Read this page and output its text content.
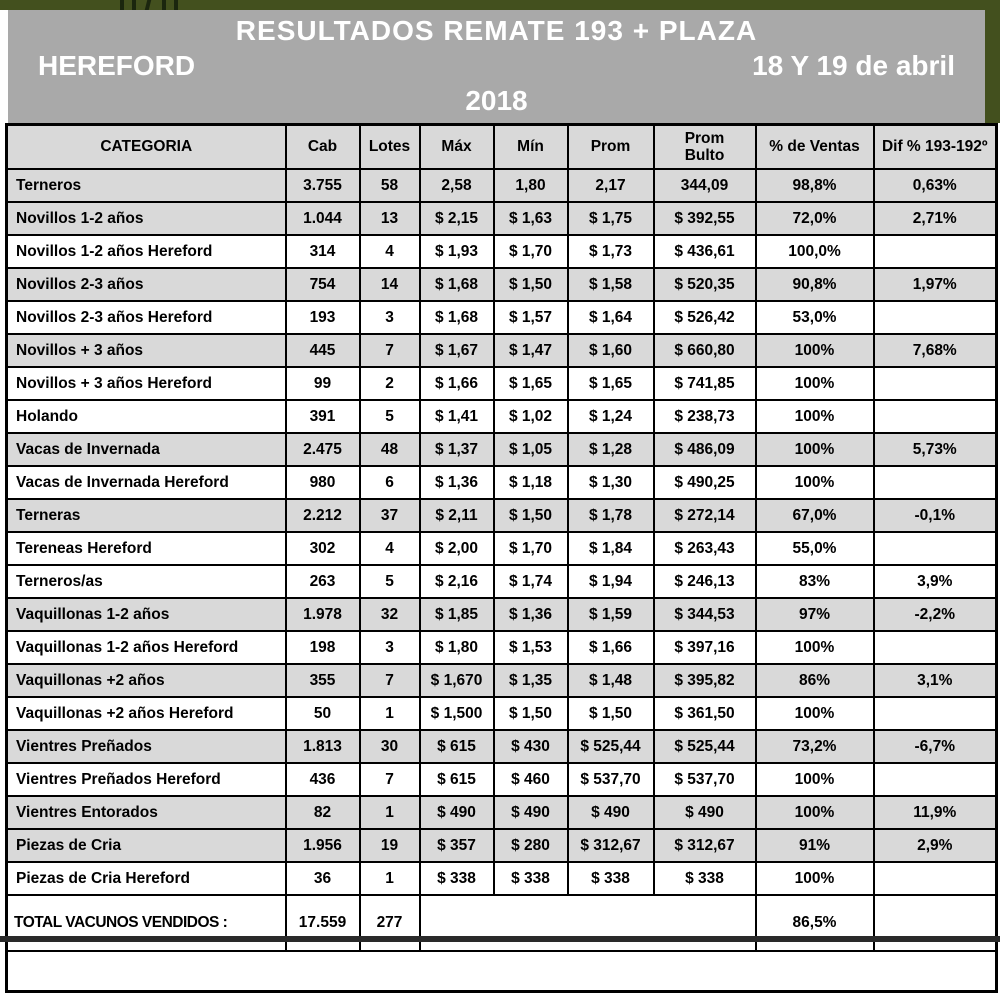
RESULTADOS REMATE 193 + PLAZA
HEREFORD	18 Y 19 de abril
2018
CATEGORIA	Cab	Lotes	Máx	Mín	Prom	Prom Bulto	% de Ventas	Dif % 193-192º
Terneros	3.755	58	2,58	1,80	2,17	344,09	98,8%	0,63%
Novillos 1-2 años	1.044	13	$ 2,15	$ 1,63	$ 1,75	$ 392,55	72,0%	2,71%
Novillos 1-2 años Hereford	314	4	$ 1,93	$ 1,70	$ 1,73	$ 436,61	100,0%	
Novillos 2-3 años	754	14	$ 1,68	$ 1,50	$ 1,58	$ 520,35	90,8%	1,97%
Novillos 2-3 años Hereford	193	3	$ 1,68	$ 1,57	$ 1,64	$ 526,42	53,0%	
Novillos + 3 años	445	7	$ 1,67	$ 1,47	$ 1,60	$ 660,80	100%	7,68%
Novillos + 3 años Hereford	99	2	$ 1,66	$ 1,65	$ 1,65	$ 741,85	100%	
Holando	391	5	$ 1,41	$ 1,02	$ 1,24	$ 238,73	100%	
Vacas de Invernada	2.475	48	$ 1,37	$ 1,05	$ 1,28	$ 486,09	100%	5,73%
Vacas de Invernada Hereford	980	6	$ 1,36	$ 1,18	$ 1,30	$ 490,25	100%	
Terneras	2.212	37	$ 2,11	$ 1,50	$ 1,78	$ 272,14	67,0%	-0,1%
Tereneas Hereford	302	4	$ 2,00	$ 1,70	$ 1,84	$ 263,43	55,0%	
Terneros/as	263	5	$ 2,16	$ 1,74	$ 1,94	$ 246,13	83%	3,9%
Vaquillonas 1-2 años	1.978	32	$ 1,85	$ 1,36	$ 1,59	$ 344,53	97%	-2,2%
Vaquillonas 1-2 años Hereford	198	3	$ 1,80	$ 1,53	$ 1,66	$ 397,16	100%	
Vaquillonas +2 años	355	7	$ 1,670	$ 1,35	$ 1,48	$ 395,82	86%	3,1%
Vaquillonas +2 años Hereford	50	1	$ 1,500	$ 1,50	$ 1,50	$ 361,50	100%	
Vientres Preñados	1.813	30	$ 615	$ 430	$ 525,44	$ 525,44	73,2%	-6,7%
Vientres Preñados Hereford	436	7	$ 615	$ 460	$ 537,70	$ 537,70	100%	
Vientres Entorados	82	1	$ 490	$ 490	$ 490	$ 490	100%	11,9%
Piezas de Cria	1.956	19	$ 357	$ 280	$ 312,67	$ 312,67	91%	2,9%
Piezas de Cria Hereford	36	1	$ 338	$ 338	$ 338	$ 338	100%	
TOTAL VACUNOS VENDIDOS :	17.559	277					86,5%	
